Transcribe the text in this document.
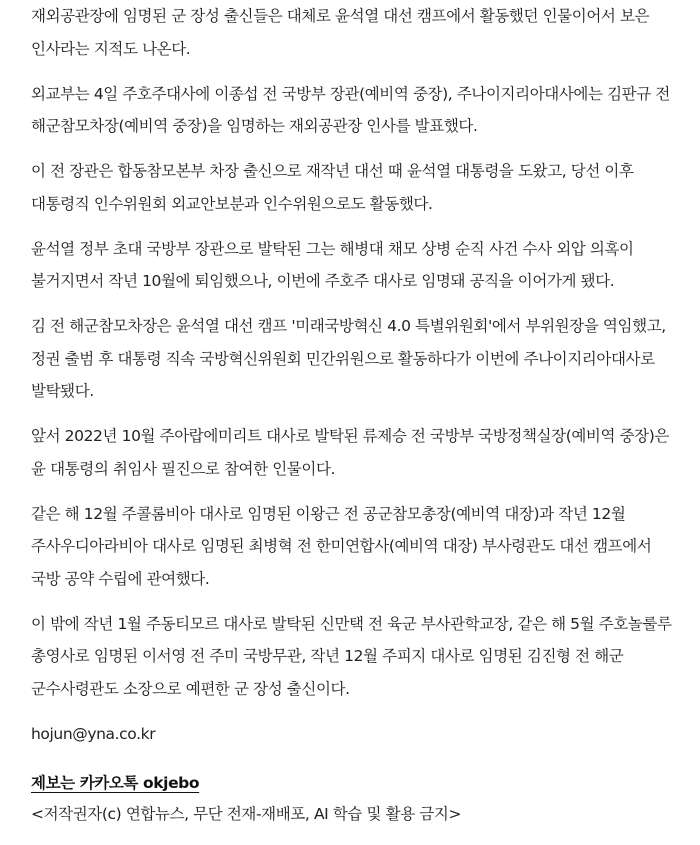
재외공관장에 임명된 군 장성 출신들은 대체로 윤석열 대선 캠프에서 활동했던 인물이어서 보은 인사라는 지적도 나온다.

외교부는 4일 주호주대사에 이종섭 전 국방부 장관(예비역 중장), 주나이지리아대사에는 김판규 전 해군참모차장(예비역 중장)을 임명하는 재외공관장 인사를 발표했다.

이 전 장관은 합동참모본부 차장 출신으로 재작년 대선 때 윤석열 대통령을 도왔고, 당선 이후 대통령직 인수위원회 외교안보분과 인수위원으로도 활동했다.

윤석열 정부 초대 국방부 장관으로 발탁된 그는 해병대 채모 상병 순직 사건 수사 외압 의혹이 불거지면서 작년 10월에 퇴임했으나, 이번에 주호주 대사로 임명돼 공직을 이어가게 됐다.

김 전 해군참모차장은 윤석열 대선 캠프 '미래국방혁신 4.0 특별위원회'에서 부위원장을 역임했고, 정권 출범 후 대통령 직속 국방혁신위원회 민간위원으로 활동하다가 이번에 주나이지리아대사로 발탁됐다.

앞서 2022년 10월 주아랍에미리트 대사로 발탁된 류제승 전 국방부 국방정책실장(예비역 중장)은 윤 대통령의 취임사 필진으로 참여한 인물이다.

같은 해 12월 주콜롬비아 대사로 임명된 이왕근 전 공군참모총장(예비역 대장)과 작년 12월 주사우디아라비아 대사로 임명된 최병혁 전 한미연합사(예비역 대장) 부사령관도 대선 캠프에서 국방 공약 수립에 관여했다.

이 밖에 작년 1월 주동티모르 대사로 발탁된 신만택 전 육군 부사관학교장, 같은 해 5월 주호놀룰루 총영사로 임명된 이서영 전 주미 국방무관, 작년 12월 주피지 대사로 임명된 김진형 전 해군 군수사령관도 소장으로 예편한 군 장성 출신이다.

hojun@yna.co.kr

제보는 카카오톡 okjebo
<저작권자(c) 연합뉴스, 무단 전재-재배포, AI 학습 및 활용 금지>
